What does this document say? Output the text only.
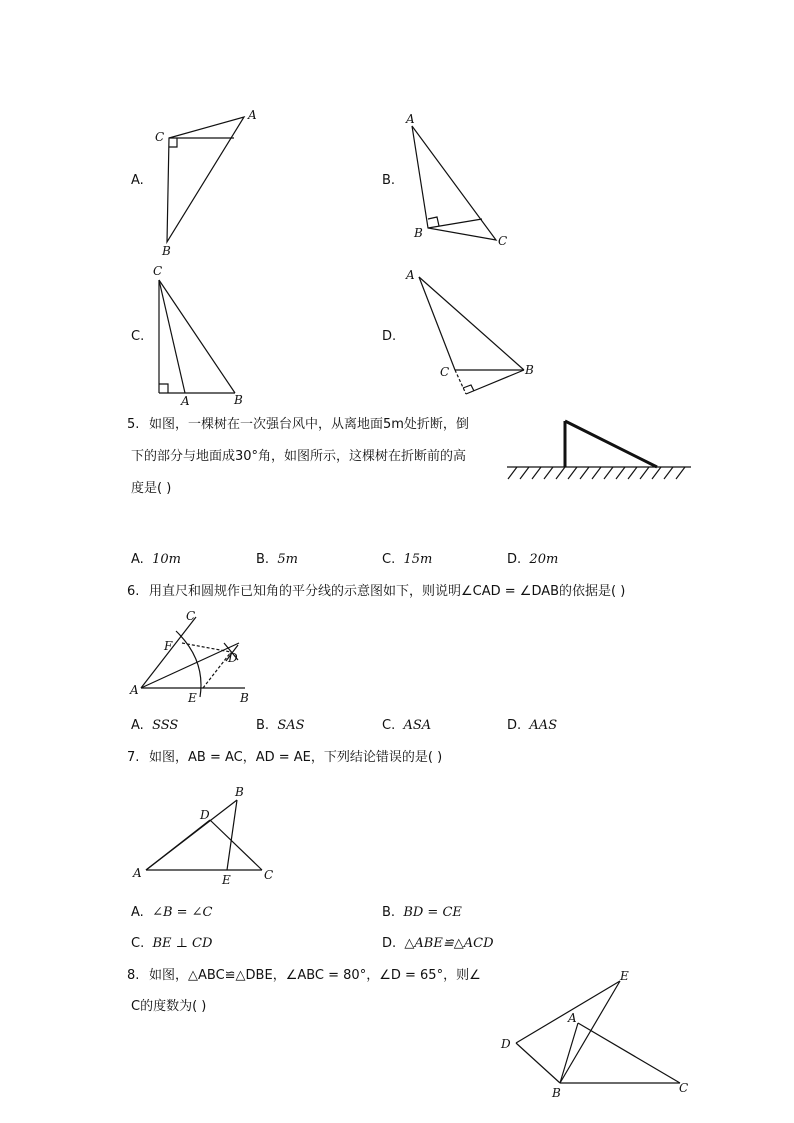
A.
C
A
B
B.
A
B
C
C.
C
A	B
D.
A
B
C
5. 如图，一棵树在一次强台风中，从离地面5m处折断，倒
下的部分与地面成30°角，如图所示，这棵树在折断前的高
度是( )
A. 10m	B. 5m	C. 15m	D. 20m
6. 用直尺和圆规作已知角的平分线的示意图如下，则说明∠CAD = ∠DAB的依据是( )
C
F
D
A
E	B
A. SSS	B. SAS	C. ASA	D. AAS
7. 如图，AB = AC，AD = AE，下列结论错误的是( )
B
D
A	E	C
A. ∠B = ∠C	B. BD = CE
C. BE ⊥ CD	D. △ABE≌△ACD
8. 如图，△ABC≌△DBE，∠ABC = 80°，∠D = 65°，则∠
C的度数为( )
E
A
D
B	C
